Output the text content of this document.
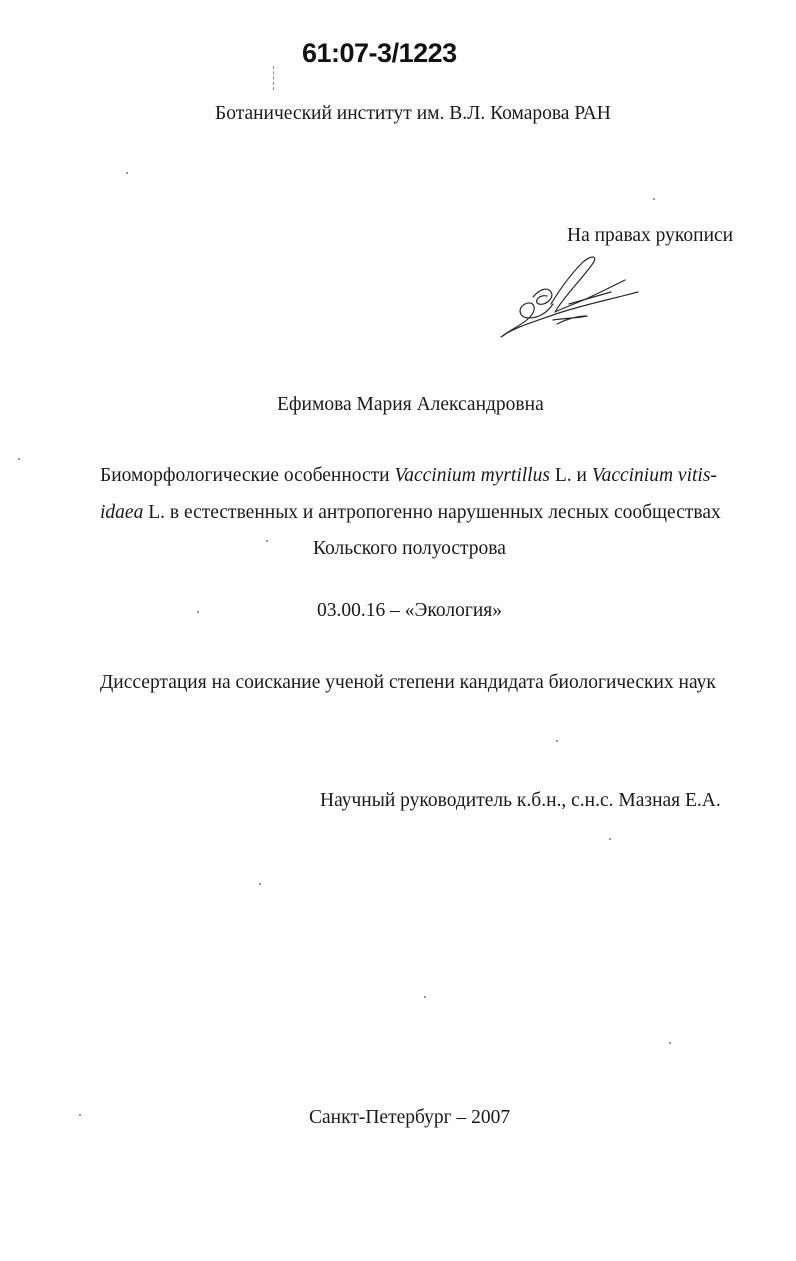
61:07-3/1223
Ботанический институт им. В.Л. Комарова РАН
На правах рукописи
Ефимова Мария Александровна
Биоморфологические особенности Vaccinium myrtillus L. и Vaccinium vitis-
idaea L. в естественных и антропогенно нарушенных лесных сообществах
Кольского полуострова
03.00.16 – «Экология»
Диссертация на соискание ученой степени кандидата биологических наук
Научный руководитель к.б.н., с.н.с. Мазная Е.А.
Санкт-Петербург – 2007
